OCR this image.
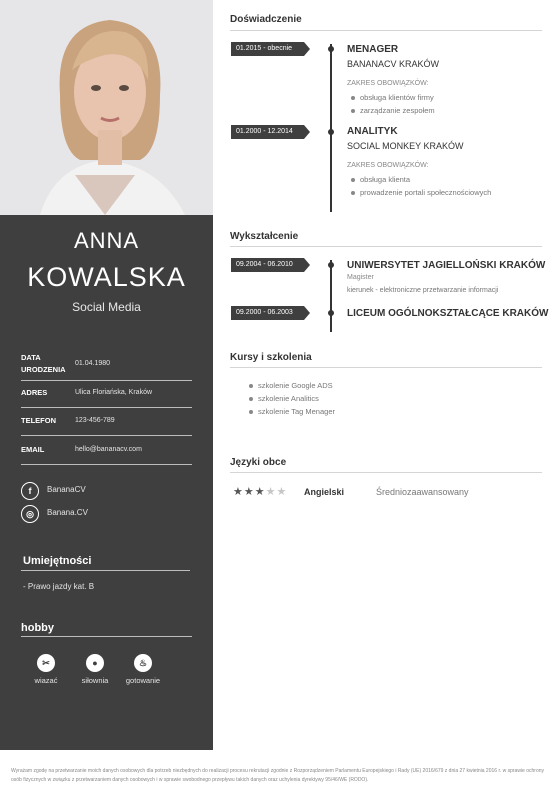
ANNA
KOWALSKA
Social Media
DATA URODZENIA
01.04.1980
ADRES	Ulica Floriańska, Kraków
TELEFON	123-456-789
EMAIL	hello@bananacv.com
f	BananaCV
◎	Banana.CV
Umiejętności
- Prawo jazdy kat. B
hobby
✂
wiazać
●
siłownia
♨
gotowanie
Doświadczenie
01.2015 - obecnie	MENAGER
BANANACV KRAKÓW
ZAKRES OBOWIĄZKÓW:
obsługa klientów firmy
zarządzanie zespołem
01.2000 - 12.2014	ANALITYK
SOCIAL MONKEY KRAKÓW
ZAKRES OBOWIĄZKÓW:
obsługa klienta
prowadzenie portali społecznościowych
Wykształcenie
09.2004 - 06.2010	UNIWERSYTET JAGIELLOŃSKI KRAKÓW
Magister
kierunek - elektroniczne przetwarzanie informacji
09.2000 - 06.2003	LICEUM OGÓLNOKSZTAŁCĄCE KRAKÓW
Kursy i szkolenia
szkolenie Google ADS
szkolenie Analitics
szkolenie Tag Menager
Języki obce
★★★★★ Angielski	Średniozaawansowany
Wyrażam zgodę na przetwarzanie moich danych osobowych dla potrzeb niezbędnych do realizacji procesu rekrutacji zgodnie z Rozporządzeniem Parlamentu Europejskiego i Rady (UE) 2016/679 z dnia 27 kwietnia 2016 r. w sprawie ochrony osób fizycznych w związku z przetwarzaniem danych osobowych i w sprawie swobodnego przepływu takich danych oraz uchylenia dyrektywy 95/46/WE (RODO).
